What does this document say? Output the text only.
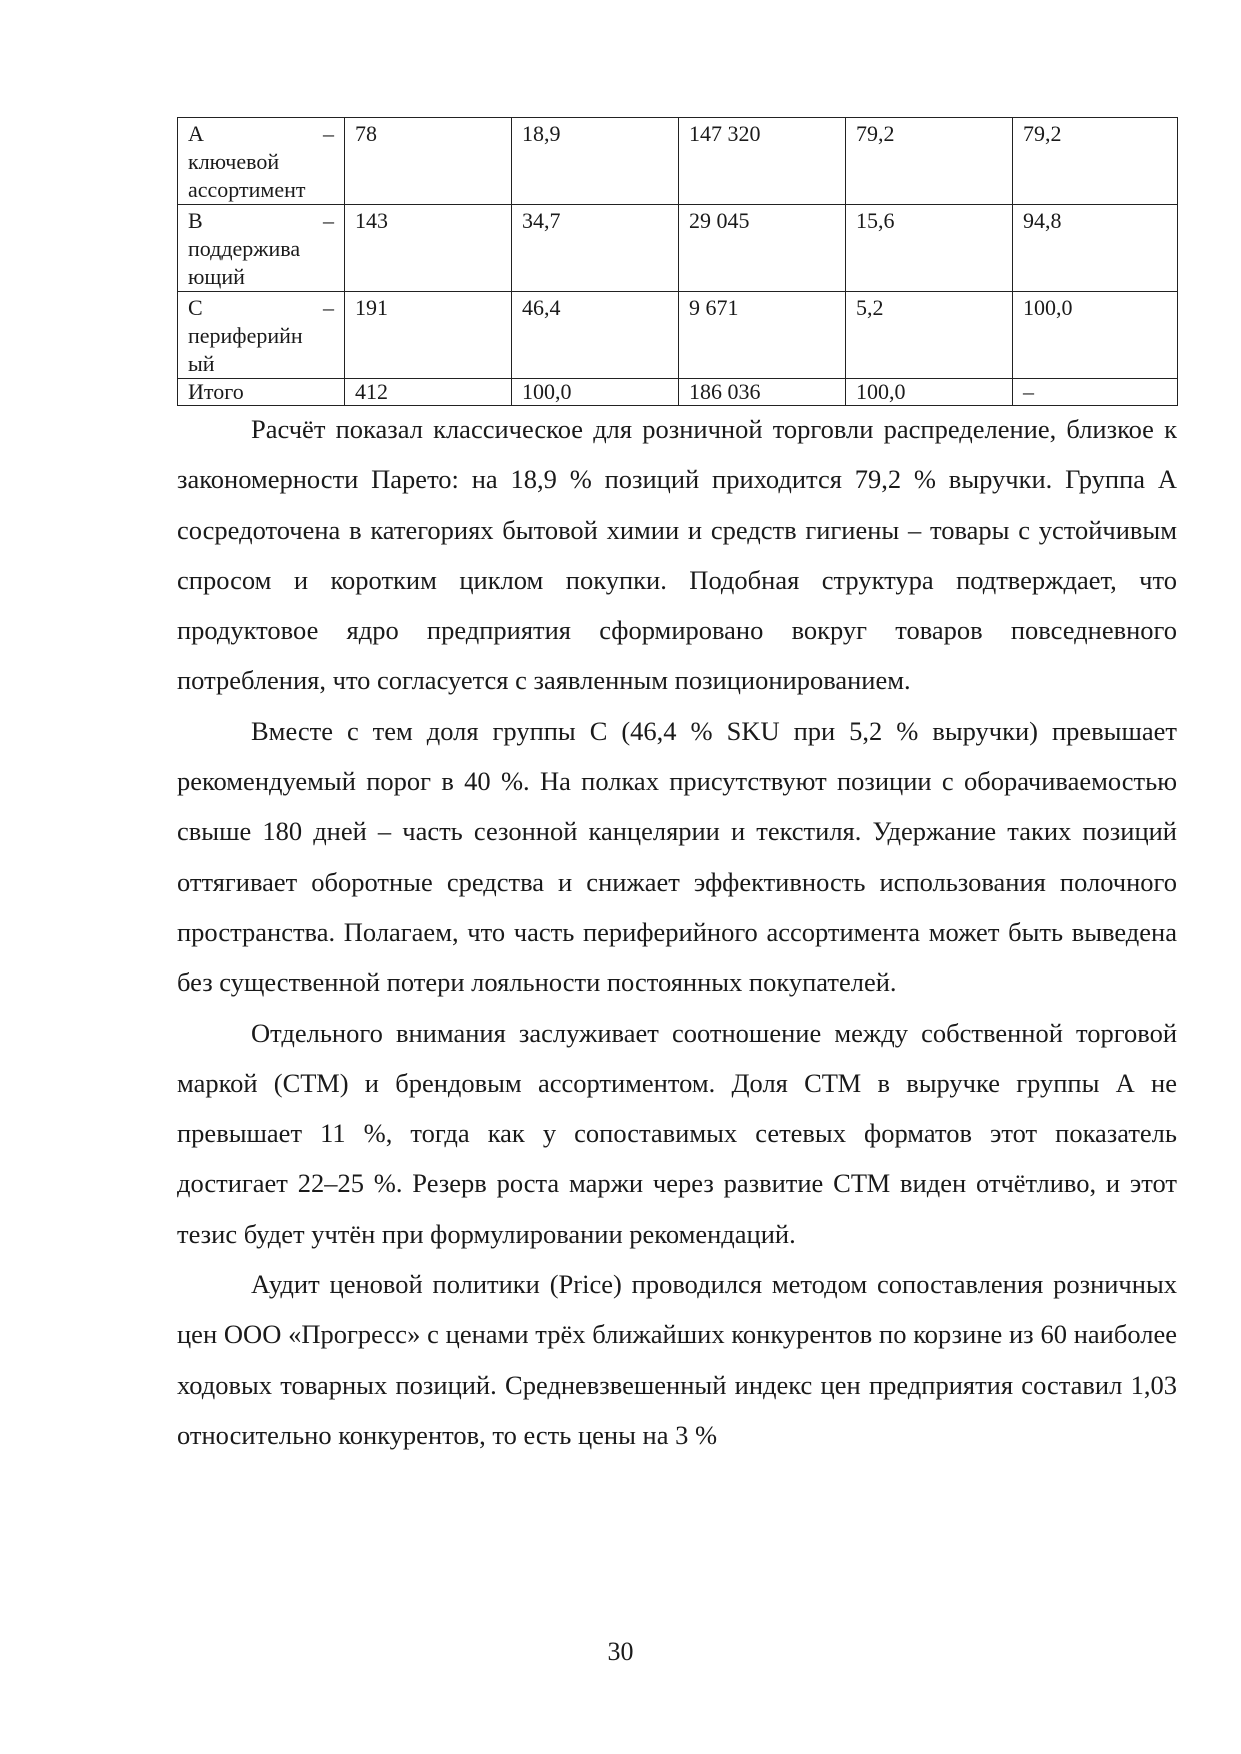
А –
ключевой ассортимент	78	18,9	147 320	79,2	79,2

В –
поддержива ющий	143	34,7	29 045	15,6	94,8

С –
периферийн ый	191	46,4	9 671	5,2	100,0
Итого	412	100,0	186 036	100,0	–

Расчёт показал классическое для розничной торговли распределение, близкое к закономерности Парето: на 18,9 % позиций приходится 79,2 % выручки. Группа А сосредоточена в категориях бытовой химии и средств гигиены – товары с устойчивым спросом и коротким циклом покупки. Подобная структура подтверждает, что продуктовое ядро предприятия сформировано вокруг товаров повседневного потребления, что согласуется с заявленным позиционированием.

Вместе с тем доля группы С (46,4 % SKU при 5,2 % выручки) превышает рекомендуемый порог в 40 %. На полках присутствуют позиции с оборачиваемостью свыше 180 дней – часть сезонной канцелярии и текстиля. Удержание таких позиций оттягивает оборотные средства и снижает эффективность использования полочного пространства. Полагаем, что часть периферийного ассортимента может быть выведена без существенной потери лояльности постоянных покупателей.

Отдельного внимания заслуживает соотношение между собственной торговой маркой (СТМ) и брендовым ассортиментом. Доля СТМ в выручке группы А не превышает 11 %, тогда как у сопоставимых сетевых форматов этот показатель достигает 22–25 %. Резерв роста маржи через развитие СТМ виден отчётливо, и этот тезис будет учтён при формулировании рекомендаций.

Аудит ценовой политики (Price) проводился методом сопоставления розничных цен ООО «Прогресс» с ценами трёх ближайших конкурентов по корзине из 60 наиболее ходовых товарных позиций. Средневзвешенный индекс цен предприятия составил 1,03 относительно конкурентов, то есть цены на 3 %

30
